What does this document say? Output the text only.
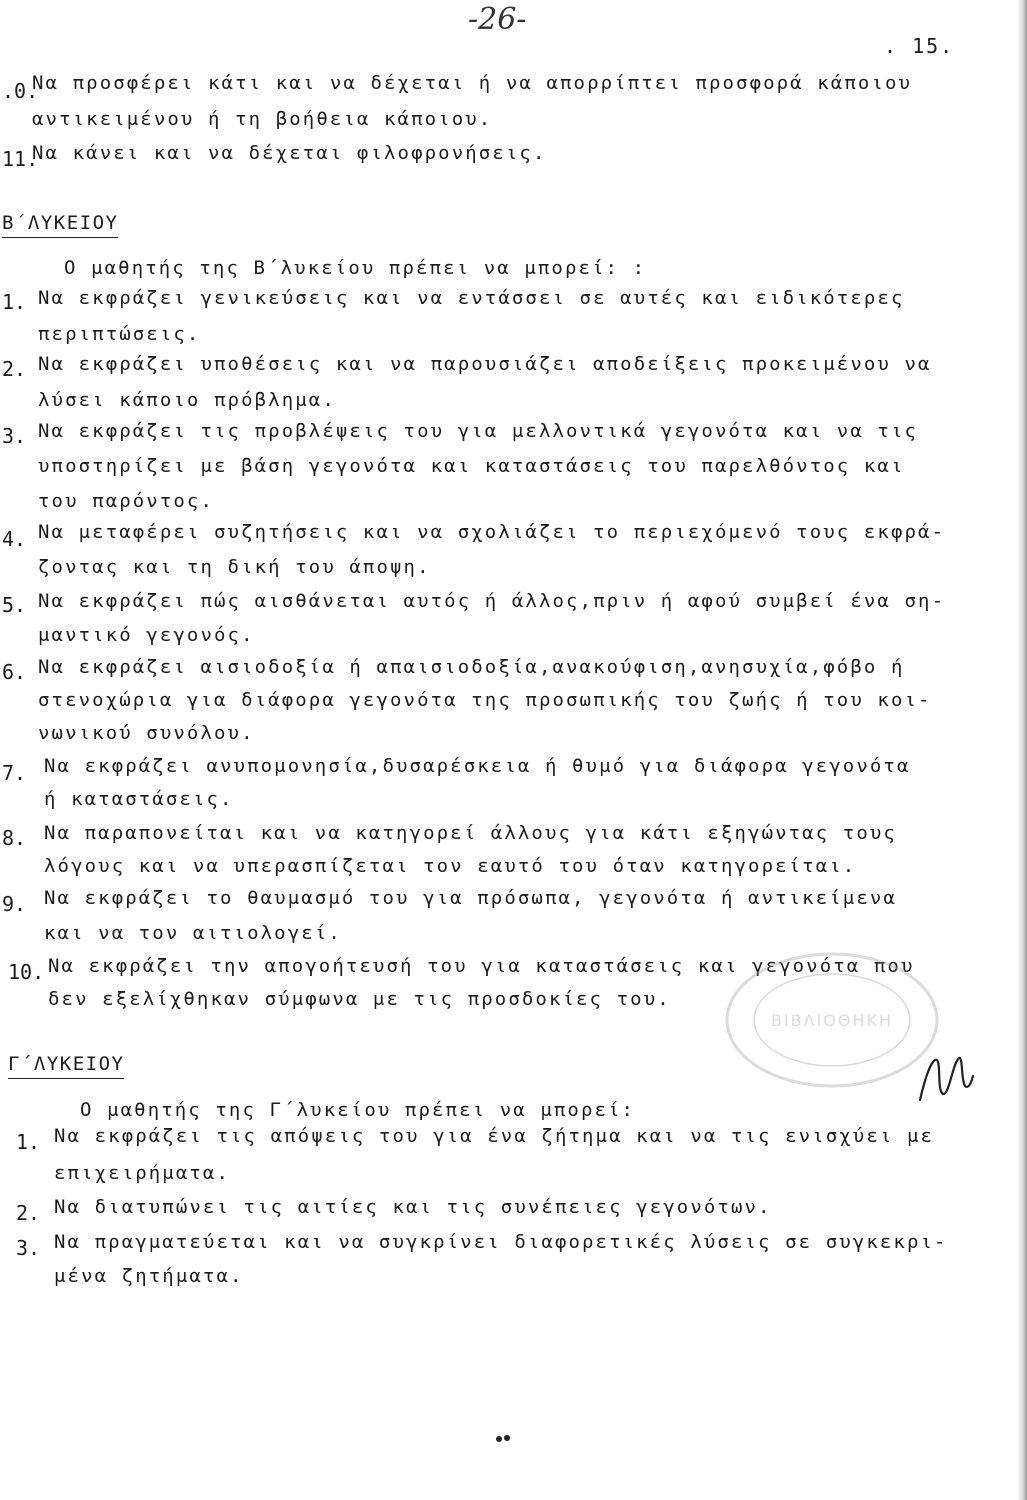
-26-
. 15.
.0.
Να προσφέρει κάτι και να δέχεται ή να απορρίπτει προσφορά κάποιου
αντικειμένου ή τη βοήθεια κάποιου.
11.
Να κάνει και να δέχεται φιλοφρονήσεις.
Β΄ΛΥΚΕΙΟΥ
Ο μαθητής της Β΄λυκείου πρέπει να μπορεί: :
1. Να εκφράζει γενικεύσεις και να εντάσσει σε αυτές και ειδικότερες
περιπτώσεις.
2. Να εκφράζει υποθέσεις και να παρουσιάζει αποδείξεις προκειμένου να
λύσει κάποιο πρόβλημα.
3. Να εκφράζει τις προβλέψεις του για μελλοντικά γεγονότα και να τις
υποστηρίζει με βάση γεγονότα και καταστάσεις του παρελθόντος και
του παρόντος.
4. Να μεταφέρει συζητήσεις και να σχολιάζει το περιεχόμενό τους εκφρά-
ζοντας και τη δική του άποψη.
5. Να εκφράζει πώς αισθάνεται αυτός ή άλλος,πριν ή αφού συμβεί ένα ση-
μαντικό γεγονός.
6. Να εκφράζει αισιοδοξία ή απαισιοδοξία,ανακούφιση,ανησυχία,φόβο ή
στενοχώρια για διάφορα γεγονότα της προσωπικής του ζωής ή του κοι-
νωνικού συνόλου.
7. Να εκφράζει ανυπομονησία,δυσαρέσκεια ή θυμό για διάφορα γεγονότα
ή καταστάσεις.
8. Να παραπονείται και να κατηγορεί άλλους για κάτι εξηγώντας τους
λόγους και να υπερασπίζεται τον εαυτό του όταν κατηγορείται.
9. Να εκφράζει το θαυμασμό του για πρόσωπα, γεγονότα ή αντικείμενα
και να τον αιτιολογεί.
10. Να εκφράζει την απογοήτευσή του για καταστάσεις και γεγονότα που
δεν εξελίχθηκαν σύμφωνα με τις προσδοκίες του.
Γ΄ΛΥΚΕΙΟΥ
Ο μαθητής της Γ΄λυκείου πρέπει να μπορεί:
1. Να εκφράζει τις απόψεις του για ένα ζήτημα και να τις ενισχύει με
επιχειρήματα.
2. Να διατυπώνει τις αιτίες και τις συνέπειες γεγονότων.
3. Να πραγματεύεται και να συγκρίνει διαφορετικές λύσεις σε συγκεκρι-
μένα ζητήματα.
ΒΙΒΛΙΟΘΗΚΗ
